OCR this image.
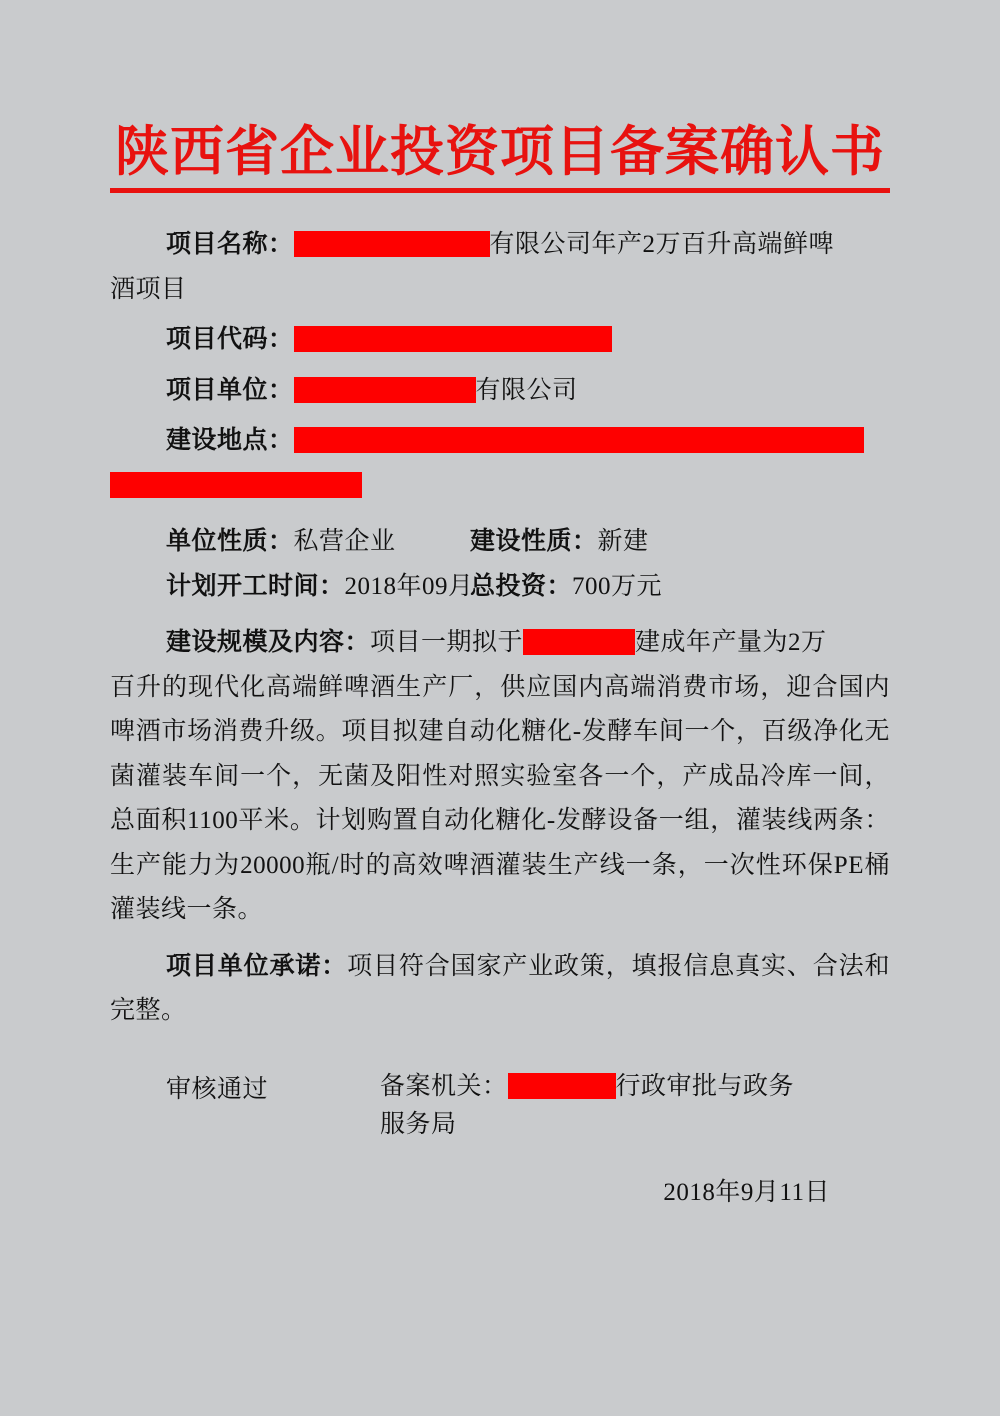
陕西省企业投资项目备案确认书
项目名称：	有限公司年产2万百升高端鲜啤
酒项目
项目代码：
项目单位：	有限公司
建设地点：
单位性质：私营企业	建设性质：新建
计划开工时间：2018年09月
总投资：700万元
建设规模及内容：项目一期拟于	建成年产量为2万

百升的现代化高端鲜啤酒生产厂，供应国内高端消费市场，迎合国内啤酒市场消费升级。项目拟建自动化糖化-发酵车间一个，百级净化无菌灌装车间一个，无菌及阳性对照实验室各一个，产成品冷库一间，总面积1100平米。计划购置自动化糖化-发酵设备一组，灌装线两条：生产能力为20000瓶/时的高效啤酒灌装生产线一条，一次性环保PE桶灌装线一条。

项目单位承诺：项目符合国家产业政策，填报信息真实、合法和完整。

审核通过	备案机关：	行政审批与政务
服务局
2018年9月11日
